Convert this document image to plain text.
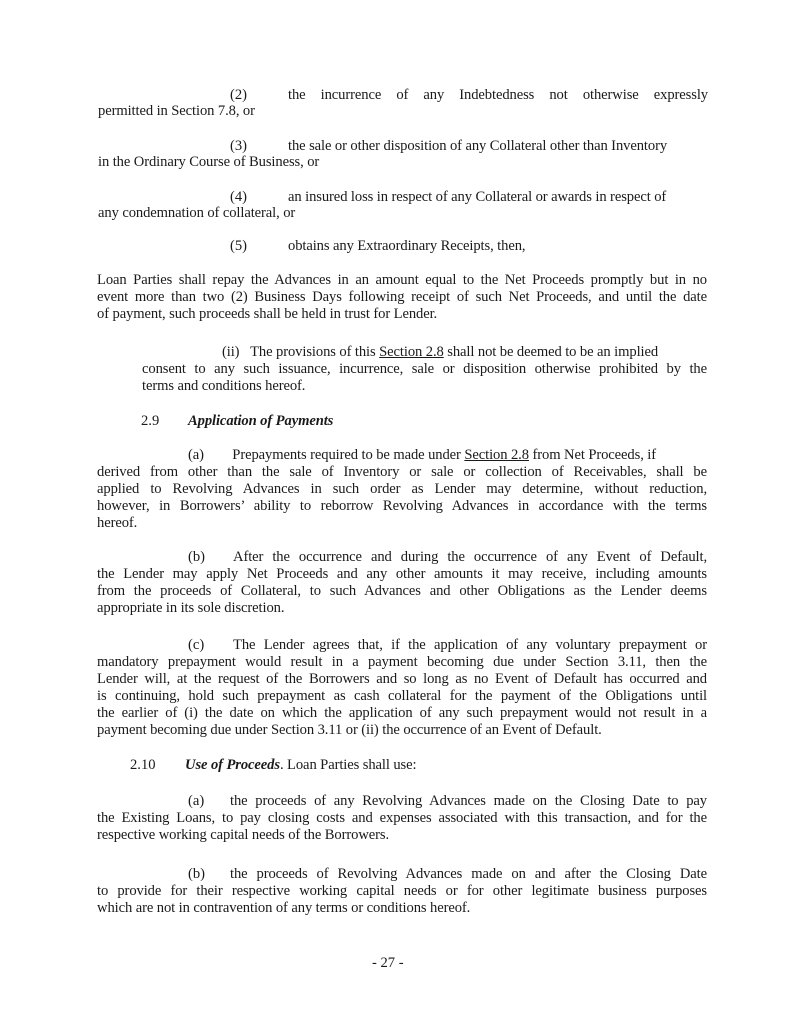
(2)	the incurrence of any Indebtedness not otherwise expressly
permitted in Section 7.8, or
(3)	the sale or other disposition of any Collateral other than Inventory
in the Ordinary Course of Business, or
(4)	an insured loss in respect of any Collateral or awards in respect of
any condemnation of collateral, or
(5)	obtains any Extraordinary Receipts, then,
Loan Parties shall repay the Advances in an amount equal to the Net Proceeds promptly but in no
event more than two (2) Business Days following receipt of such Net Proceeds, and until the date
of payment, such proceeds shall be held in trust for Lender.
(ii) The provisions of this Section 2.8 shall not be deemed to be an implied
consent to any such issuance, incurrence, sale or disposition otherwise prohibited by the
terms and conditions hereof.
2.9 Application of Payments
(a) Prepayments required to be made under Section 2.8 from Net Proceeds, if
derived from other than the sale of Inventory or sale or collection of Receivables, shall be
applied to Revolving Advances in such order as Lender may determine, without reduction,
however, in Borrowers’ ability to reborrow Revolving Advances in accordance with the terms
hereof.
(b) After the occurrence and during the occurrence of any Event of Default,
the Lender may apply Net Proceeds and any other amounts it may receive, including amounts
from the proceeds of Collateral, to such Advances and other Obligations as the Lender deems
appropriate in its sole discretion.
(c) The Lender agrees that, if the application of any voluntary prepayment or
mandatory prepayment would result in a payment becoming due under Section 3.11, then the
Lender will, at the request of the Borrowers and so long as no Event of Default has occurred and
is continuing, hold such prepayment as cash collateral for the payment of the Obligations until
the earlier of (i) the date on which the application of any such prepayment would not result in a
payment becoming due under Section 3.11 or (ii) the occurrence of an Event of Default.
2.10 Use of Proceeds. Loan Parties shall use:
(a) the proceeds of any Revolving Advances made on the Closing Date to pay
the Existing Loans, to pay closing costs and expenses associated with this transaction, and for the
respective working capital needs of the Borrowers.
(b) the proceeds of Revolving Advances made on and after the Closing Date
to provide for their respective working capital needs or for other legitimate business purposes
which are not in contravention of any terms or conditions hereof.
- 27 -
